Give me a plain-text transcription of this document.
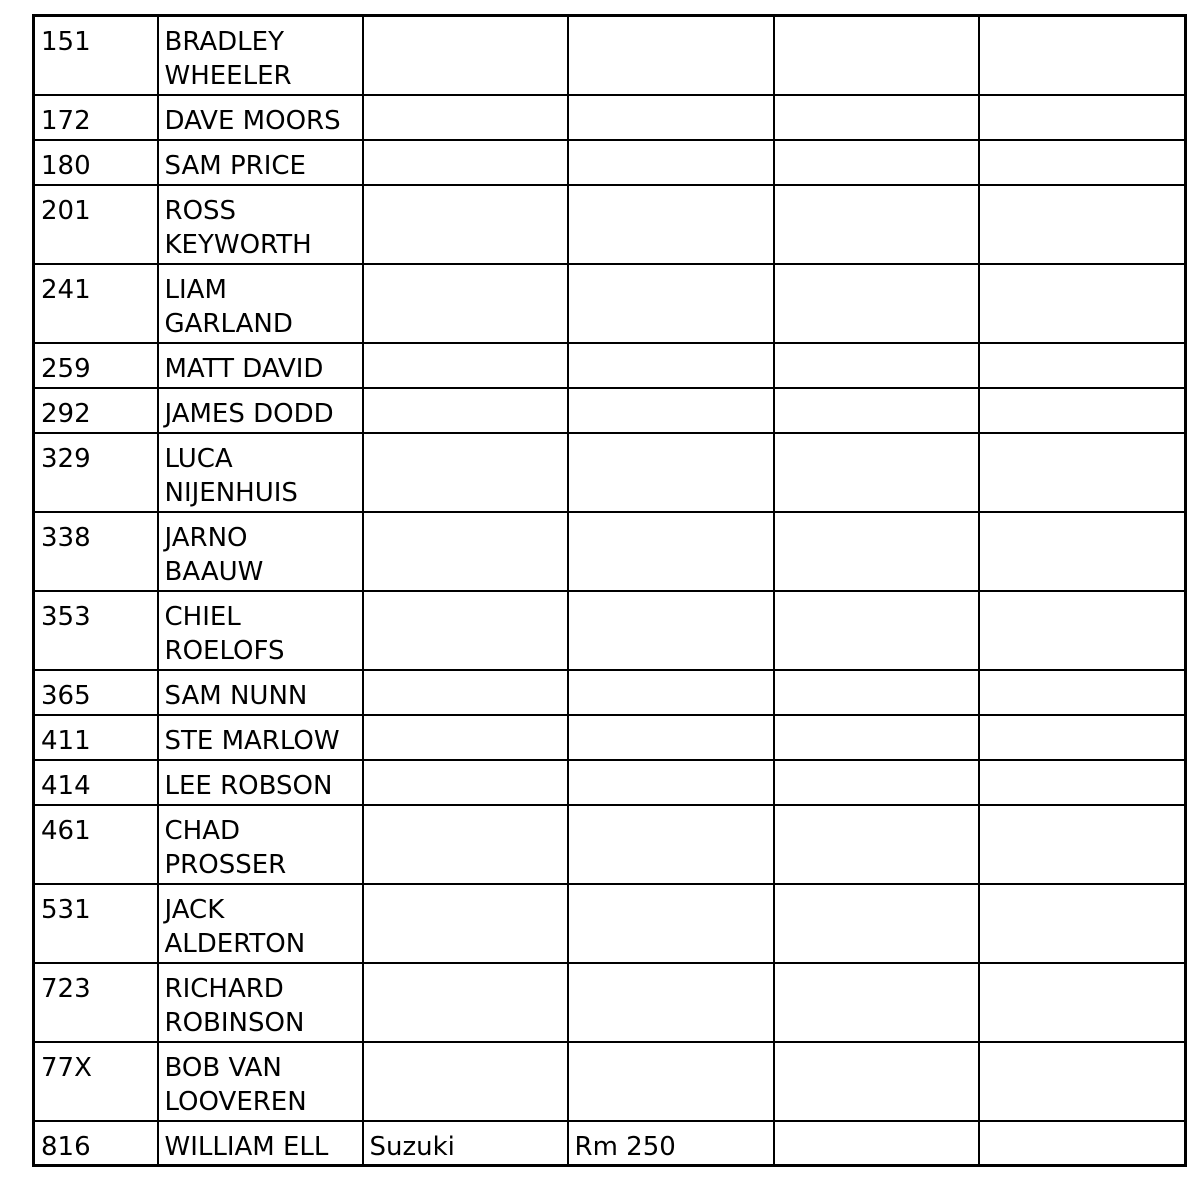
151	BRADLEY
WHEELER				

172	DAVE MOORS				

180	SAM PRICE				

201	ROSS
KEYWORTH				

241	LIAM
GARLAND				

259	MATT DAVID				

292	JAMES DODD				

329	LUCA
NIJENHUIS				

338	JARNO
BAAUW				

353	CHIEL
ROELOFS				

365	SAM NUNN				

411	STE MARLOW				

414	LEE ROBSON				

461	CHAD
PROSSER				

531	JACK
ALDERTON				

723	RICHARD
ROBINSON				

77X	BOB VAN
LOOVEREN				

816	WILLIAM ELL	Suzuki	Rm 250		
